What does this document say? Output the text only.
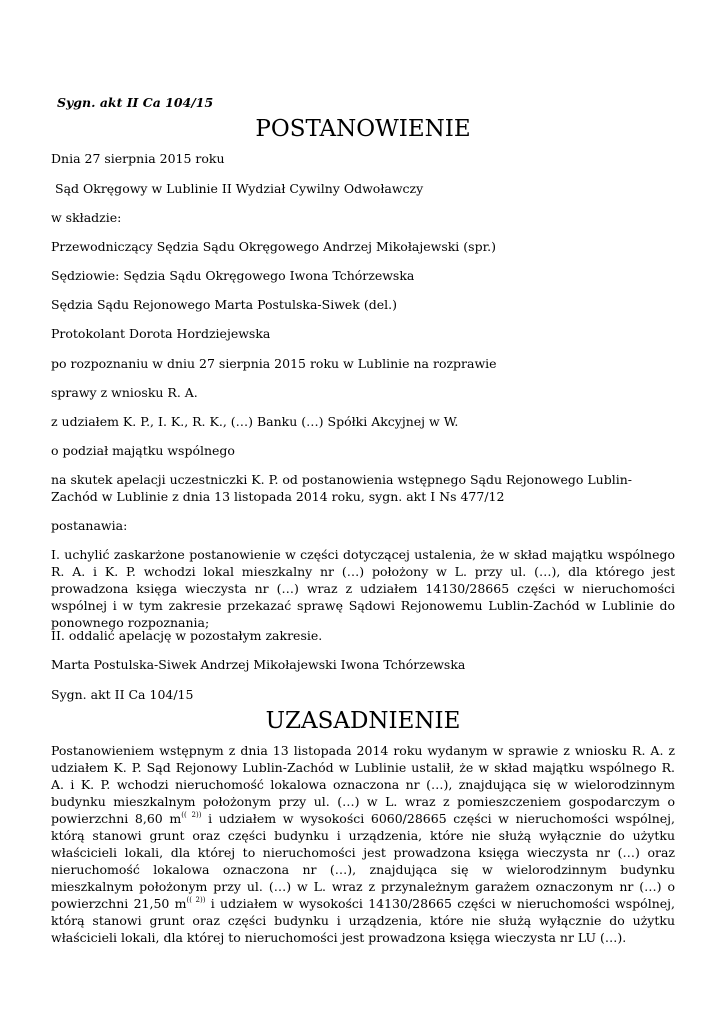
Sygn. akt II Ca 104/15

POSTANOWIENIE

Dnia 27 sierpnia 2015 roku

Sąd Okręgowy w Lublinie II Wydział Cywilny Odwoławczy

w składzie:

Przewodniczący Sędzia Sądu Okręgowego Andrzej Mikołajewski (spr.)

Sędziowie: Sędzia Sądu Okręgowego Iwona Tchórzewska

Sędzia Sądu Rejonowego Marta Postulska-Siwek (del.)

Protokolant Dorota Hordziejewska

po rozpoznaniu w dniu 27 sierpnia 2015 roku w Lublinie na rozprawie

sprawy z wniosku R. A.

z udziałem K. P., I. K., R. K., (…) Banku (…) Spółki Akcyjnej w W.

o podział majątku wspólnego

na skutek apelacji uczestniczki K. P. od postanowienia wstępnego Sądu Rejonowego Lublin-Zachód w Lublinie z dnia 13 listopada 2014 roku, sygn. akt I Ns 477/12

postanawia:

I. uchylić zaskarżone postanowienie w części dotyczącej ustalenia, że w skład majątku wspólnego R. A. i K. P. wchodzi lokal mieszkalny nr (…) położony w L. przy ul. (…), dla którego jest prowadzona księga wieczysta nr (…) wraz z udziałem 14130/28665 części w nieruchomości wspólnej i w tym zakresie przekazać sprawę Sądowi Rejonowemu Lublin-Zachód w Lublinie do ponownego rozpoznania;

II. oddalić apelację w pozostałym zakresie.

Marta Postulska-Siwek Andrzej Mikołajewski Iwona Tchórzewska

Sygn. akt II Ca 104/15

UZASADNIENIE

Postanowieniem wstępnym z dnia 13 listopada 2014 roku wydanym w sprawie z wniosku R. A. z udziałem K. P. Sąd Rejonowy Lublin-Zachód w Lublinie ustalił, że w skład majątku wspólnego R. A. i K. P. wchodzi nieruchomość lokalowa oznaczona nr (…), znajdująca się w wielorodzinnym budynku mieszkalnym położonym przy ul. (…) w L. wraz z pomieszczeniem gospodarczym o powierzchni 8,60 $m^{(( 2))}$ i udziałem w wysokości 6060/28665 części w nieruchomości wspólnej, którą stanowi grunt oraz części budynku i urządzenia, które nie służą wyłącznie do użytku właścicieli lokali, dla której to nieruchomości jest prowadzona księga wieczysta nr (…) oraz nieruchomość lokalowa oznaczona nr (…), znajdująca się w wielorodzinnym budynku mieszkalnym położonym przy ul. (…) w L. wraz z przynależnym garażem oznaczonym nr (…) o powierzchni 21,50 $m^{(( 2))}$ i udziałem w wysokości 14130/28665 części w nieruchomości wspólnej, którą stanowi grunt oraz części budynku i urządzenia, które nie służą wyłącznie do użytku właścicieli lokali, dla której to nieruchomości jest prowadzona księga wieczysta nr LU (…).
